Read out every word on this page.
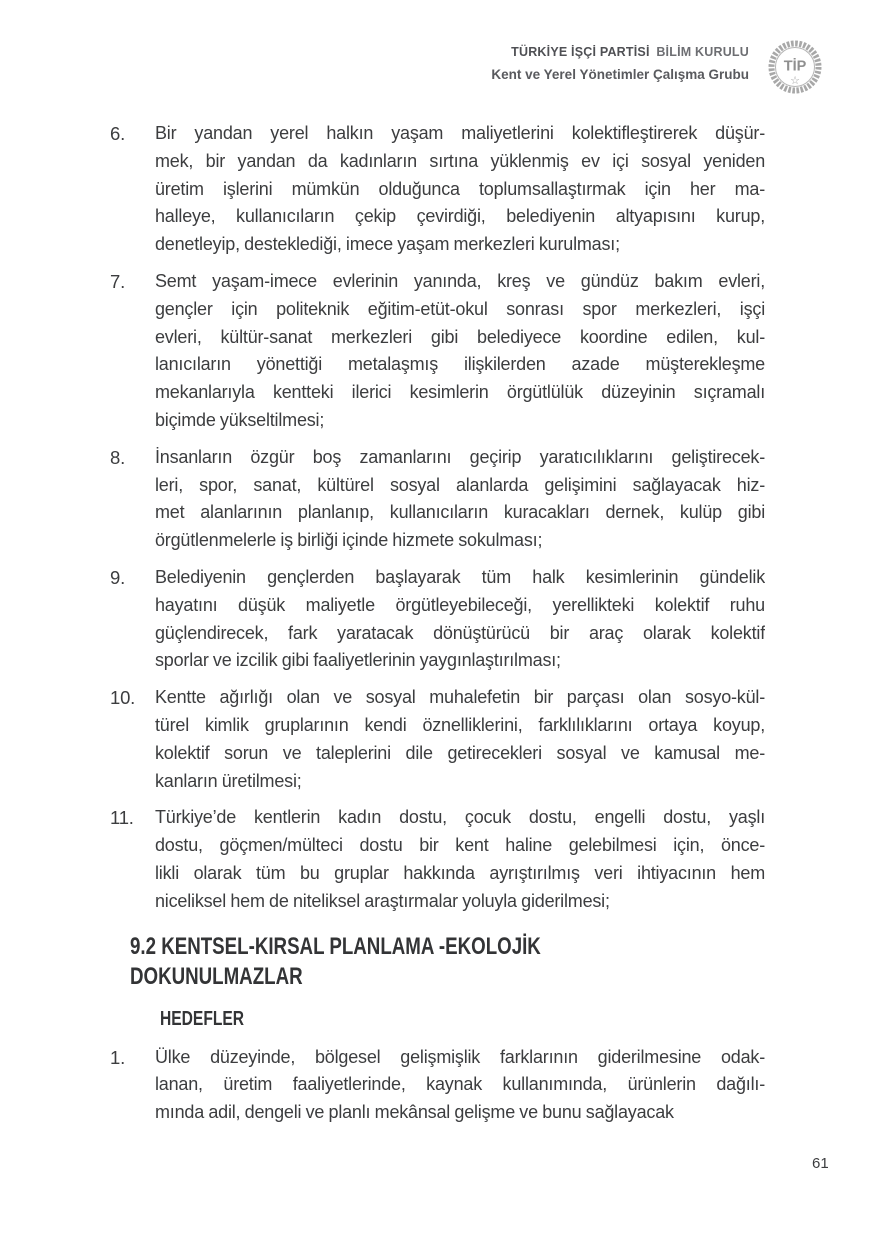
TÜRKİYE İŞÇİ PARTİSİ BİLİM KURULU
Kent ve Yerel Yönetimler Çalışma Grubu TİP
☆
6.	Bir yandan yerel halkın yaşam maliyetlerini kolektifleştirerek düşür-
mek, bir yandan da kadınların sırtına yüklenmiş ev içi sosyal yeniden
üretim işlerini mümkün olduğunca toplumsallaştırmak için her ma-
halleye, kullanıcıların çekip çevirdiği, belediyenin altyapısını kurup,
denetleyip, desteklediği, imece yaşam merkezleri kurulması;
7.	Semt yaşam-imece evlerinin yanında, kreş ve gündüz bakım evleri,
gençler için politeknik eğitim-etüt-okul sonrası spor merkezleri, işçi
evleri, kültür-sanat merkezleri gibi belediyece koordine edilen, kul-
lanıcıların yönettiği metalaşmış ilişkilerden azade müşterekleşme
mekanlarıyla kentteki ilerici kesimlerin örgütlülük düzeyinin sıçramalı
biçimde yükseltilmesi;
8.	İnsanların özgür boş zamanlarını geçirip yaratıcılıklarını geliştirecek-
leri, spor, sanat, kültürel sosyal alanlarda gelişimini sağlayacak hiz-
met alanlarının planlanıp, kullanıcıların kuracakları dernek, kulüp gibi
örgütlenmelerle iş birliği içinde hizmete sokulması;
9.	Belediyenin gençlerden başlayarak tüm halk kesimlerinin gündelik
hayatını düşük maliyetle örgütleyebileceği, yerellikteki kolektif ruhu
güçlendirecek, fark yaratacak dönüştürücü bir araç olarak kolektif
sporlar ve izcilik gibi faaliyetlerinin yaygınlaştırılması;
10.	Kentte ağırlığı olan ve sosyal muhalefetin bir parçası olan sosyo-kül-
türel kimlik gruplarının kendi öznelliklerini, farklılıklarını ortaya koyup,
kolektif sorun ve taleplerini dile getirecekleri sosyal ve kamusal me-
kanların üretilmesi;
11.	Türkiye’de kentlerin kadın dostu, çocuk dostu, engelli dostu, yaşlı
dostu, göçmen/mülteci dostu bir kent haline gelebilmesi için, önce-
likli olarak tüm bu gruplar hakkında ayrıştırılmış veri ihtiyacının hem
niceliksel hem de niteliksel araştırmalar yoluyla giderilmesi;
9.2 KENTSEL-KIRSAL PLANLAMA -EKOLOJİK
DOKUNULMAZLAR
HEDEFLER
1.	Ülke düzeyinde, bölgesel gelişmişlik farklarının giderilmesine odak-
lanan, üretim faaliyetlerinde, kaynak kullanımında, ürünlerin dağılı-
mında adil, dengeli ve planlı mekânsal gelişme ve bunu sağlayacak
61
